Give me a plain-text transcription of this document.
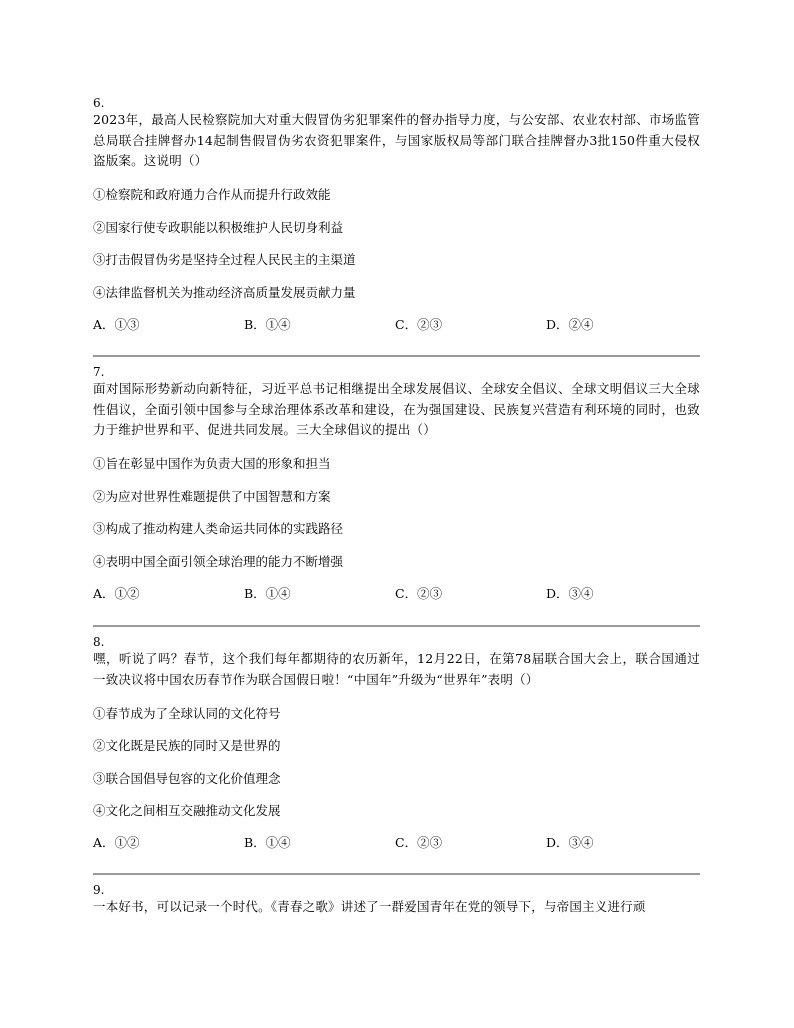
6.
2023年，最高人民检察院加大对重大假冒伪劣犯罪案件的督办指导力度，与公安部、农业农村部、市场监管总局联合挂牌督办14起制售假冒伪劣农资犯罪案件，与国家版权局等部门联合挂牌督办3批150件重大侵权盗版案。这说明（）
①检察院和政府通力合作从而提升行政效能
②国家行使专政职能以积极维护人民切身利益
③打击假冒伪劣是坚持全过程人民民主的主渠道
④法律监督机关为推动经济高质量发展贡献力量
A．①③	B．①④	C．②③	D．②④
7.
面对国际形势新动向新特征，习近平总书记相继提出全球发展倡议、全球安全倡议、全球文明倡议三大全球性倡议，全面引领中国参与全球治理体系改革和建设，在为强国建设、民族复兴营造有利环境的同时，也致力于维护世界和平、促进共同发展。三大全球倡议的提出（）
①旨在彰显中国作为负责大国的形象和担当
②为应对世界性难题提供了中国智慧和方案
③构成了推动构建人类命运共同体的实践路径
④表明中国全面引领全球治理的能力不断增强
A．①②	B．①④	C．②③	D．③④
8.
嘿，听说了吗？春节，这个我们每年都期待的农历新年，12月22日，在第78届联合国大会上，联合国通过一致决议将中国农历春节作为联合国假日啦！“中国年”升级为“世界年”表明（）
①春节成为了全球认同的文化符号
②文化既是民族的同时又是世界的
③联合国倡导包容的文化价值理念
④文化之间相互交融推动文化发展
A．①②	B．①④	C．②③	D．③④
9.
一本好书，可以记录一个时代。《青春之歌》讲述了一群爱国青年在党的领导下，与帝国主义进行顽
